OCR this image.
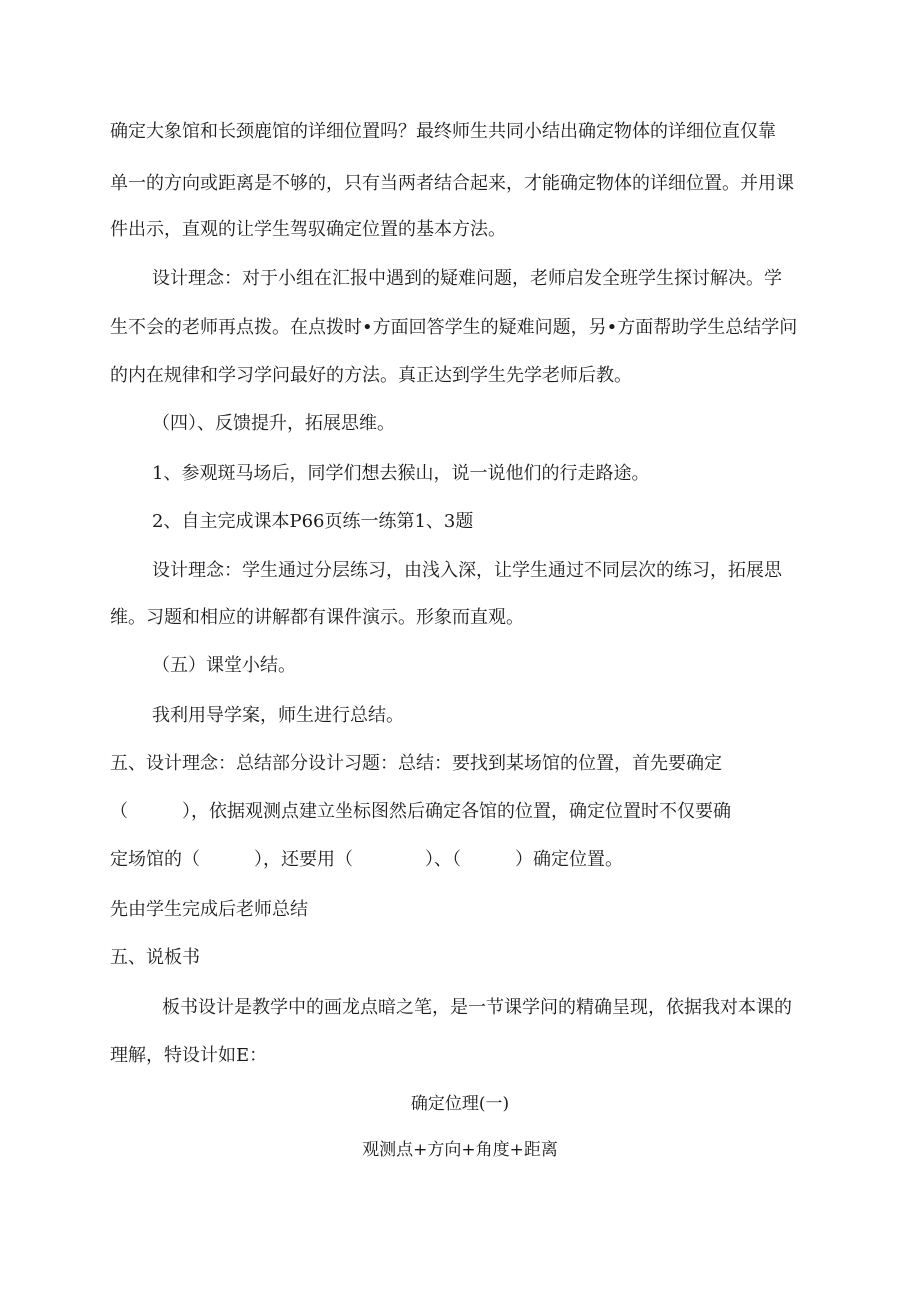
确定大象馆和长颈鹿馆的详细位置吗？最终师生共同小结出确定物体的详细位直仅靠
单一的方向或距离是不够的，只有当两者结合起来，才能确定物体的详细位置。并用课
件出示，直观的让学生驾驭确定位置的基本方法。
设计理念：对于小组在汇报中遇到的疑难问题，老师启发全班学生探讨解决。学
生不会的老师再点拨。在点拨时•方面回答学生的疑难问题，另•方面帮助学生总结学问
的内在规律和学习学问最好的方法。真正达到学生先学老师后教。
（四）、反馈提升，拓展思维。
1、参观斑马场后，同学们想去猴山，说一说他们的行走路途。
2、自主完成课本P66页练一练第1、3题
设计理念：学生通过分层练习，由浅入深，让学生通过不同层次的练习，拓展思
维。习题和相应的讲解都有课件演示。形象而直观。
（五）课堂小结。
我利用导学案，师生进行总结。
五、设计理念：总结部分设计习题：总结：要找到某场馆的位置，首先要确定
（　　　），依据观测点建立坐标图然后确定各馆的位置，确定位置时不仅要确
定场馆的（　　　），还要用（　　　　）、（　　　）确定位置。
先由学生完成后老师总结
五、说板书
板书设计是教学中的画龙点暗之笔，是一节课学问的精确呈现，依据我对本课的
理解，特设计如E：
确定位理(一)
观测点+方向+角度+距离
